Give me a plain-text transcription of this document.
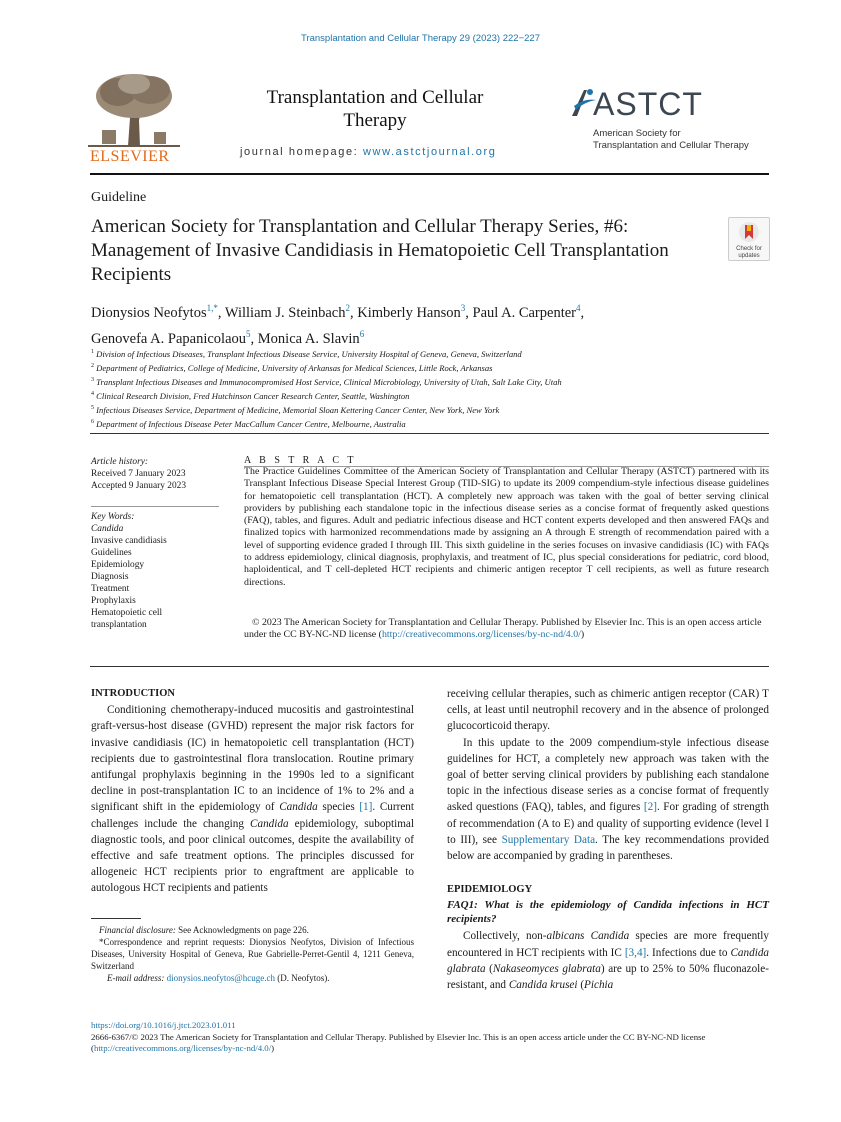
Transplantation and Cellular Therapy 29 (2023) 222−227
ELSEVIER
Transplantation and Cellular Therapy
journal homepage: www.astctjournal.org
ASTCT
American Society for
Transplantation and Cellular Therapy
Guideline
American Society for Transplantation and Cellular Therapy Series, #6: Management of Invasive Candidiasis in Hematopoietic Cell Transplantation Recipients
Check for updates
Dionysios Neofytos$^{1,*}$, William J. Steinbach$^2$, Kimberly Hanson$^3$, Paul A. Carpenter$^4$,
Genovefa A. Papanicolaou$^5$, Monica A. Slavin$^6$
$^1$ Division of Infectious Diseases, Transplant Infectious Disease Service, University Hospital of Geneva, Geneva, Switzerland
$^2$ Department of Pediatrics, College of Medicine, University of Arkansas for Medical Sciences, Little Rock, Arkansas
$^3$ Transplant Infectious Diseases and Immunocompromised Host Service, Clinical Microbiology, University of Utah, Salt Lake City, Utah
$^4$ Clinical Research Division, Fred Hutchinson Cancer Research Center, Seattle, Washington
$^5$ Infectious Diseases Service, Department of Medicine, Memorial Sloan Kettering Cancer Center, New York, New York
$^6$ Department of Infectious Disease Peter MacCallum Cancer Centre, Melbourne, Australia
Article history:
Received 7 January 2023
Accepted 9 January 2023
Key Words:
Candida
Invasive candidiasis
Guidelines
Epidemiology
Diagnosis
Treatment
Prophylaxis
Hematopoietic cell
transplantation
A B S T R A C T
The Practice Guidelines Committee of the American Society of Transplantation and Cellular Therapy (ASTCT) partnered with its Transplant Infectious Disease Special Interest Group (TID-SIG) to update its 2009 compendium-style infectious disease guidelines for hematopoietic cell transplantation (HCT). A completely new approach was taken with the goal of better serving clinical providers by publishing each standalone topic in the infectious disease series as a concise format of frequently asked questions (FAQ), tables, and figures. Adult and pediatric infectious disease and HCT content experts developed and then answered FAQs and finalized topics with harmonized recommendations made by assigning an A through E strength of recommendation paired with a level of supporting evidence graded I through III. This sixth guideline in the series focuses on invasive candidiasis (IC) with FAQs to address epidemiology, clinical diagnosis, prophylaxis, and treatment of IC, plus special considerations for pediatric, cord blood, haploidentical, and T cell-depleted HCT recipients and chimeric antigen receptor T cell recipients, as well as future research directions.
© 2023 The American Society for Transplantation and Cellular Therapy. Published by Elsevier Inc. This is an open access article under the CC BY-NC-ND license (http://creativecommons.org/licenses/by-nc-nd/4.0/)
INTRODUCTION

Conditioning chemotherapy-induced mucositis and gastrointestinal graft-versus-host disease (GVHD) represent the major risk factors for invasive candidiasis (IC) in hematopoietic cell transplantation (HCT) recipients due to gastrointestinal flora translocation. Routine primary antifungal prophylaxis beginning in the 1990s led to a significant decline in post-transplantation IC to an incidence of 1% to 2% and a significant shift in the epidemiology of Candida species [1]. Current challenges include the changing Candida epidemiology, suboptimal diagnostic tools, and poor clinical outcomes, despite the availability of effective and safe treatment options. The principles discussed for allogeneic HCT recipients prior to engraftment are applicable to autologous HCT recipients and patients

receiving cellular therapies, such as chimeric antigen receptor (CAR) T cells, at least until neutrophil recovery and in the absence of prolonged glucocorticoid therapy.

In this update to the 2009 compendium-style infectious disease guidelines for HCT, a completely new approach was taken with the goal of better serving clinical providers by publishing each standalone topic in the infectious disease series as a concise format of frequently asked questions (FAQ), tables, and figures [2]. For grading of strength of recommendation (A to E) and quality of supporting evidence (level I to III), see Supplementary Data. The key recommendations provided below are accompanied by grading in parentheses.

EPIDEMIOLOGY
FAQ1: What is the epidemiology of Candida infections in HCT recipients?

Collectively, non-albicans Candida species are more frequently encountered in HCT recipients with IC [3,4]. Infections due to Candida glabrata (Nakaseomyces glabrata) are up to 25% to 50% fluconazole-resistant, and Candida krusei (Pichia

Financial disclosure: See Acknowledgments on page 226.
*Correspondence and reprint requests: Dionysios Neofytos, Division of Infectious Diseases, University Hospital of Geneva, Rue Gabrielle-Perret-Gentil 4, 1211 Geneva, Switzerland
E-mail address: dionysios.neofytos@hcuge.ch (D. Neofytos).
https://doi.org/10.1016/j.jtct.2023.01.011
2666-6367/© 2023 The American Society for Transplantation and Cellular Therapy. Published by Elsevier Inc. This is an open access article under the CC BY-NC-ND license (http://creativecommons.org/licenses/by-nc-nd/4.0/)
